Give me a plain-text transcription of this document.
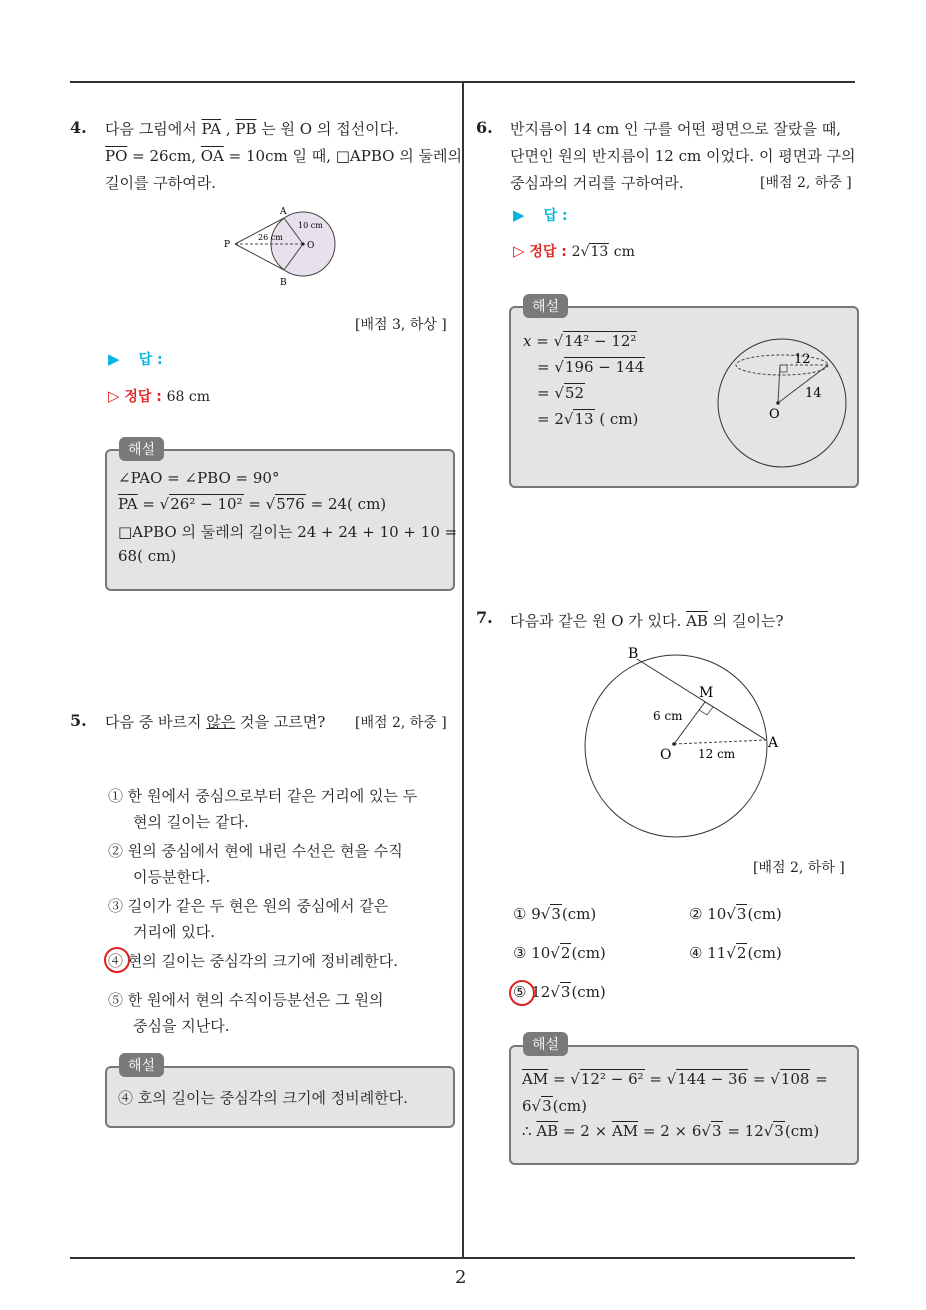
2
4. 다음 그림에서 $\overline{PA}$ , $\overline{PB}$ 는 원 O 의 접선이다.
$\overline{PO} = 26cm$, $\overline{OA} = 10cm$ 일 때, □APBO 의 둘레의
길이를 구하여라.
A
B
P	O
10 cm
26 cm
[배점 3, 하상 ]
▶ 답 :
▷ 정답 : 68 cm
해설
∠PAO = ∠PBO = 90°
$\overline{PA} = √26^2 - 10^2 = √576 = 24$( cm)
□APBO 의 둘레의 길이는 24 + 24 + 10 + 10 =
68( cm)
5. 다음 중 바르지 않은 것을 고르면? [배점 2, 하중 ]
① 한 원에서 중심으로부터 같은 거리에 있는 두
현의 길이는 같다.
② 원의 중심에서 현에 내린 수선은 현을 수직
이등분한다.
③ 길이가 같은 두 현은 원의 중심에서 같은
거리에 있다.
④ 현의 길이는 중심각의 크기에 정비례한다.
⑤ 한 원에서 현의 수직이등분선은 그 원의
중심을 지난다.
해설
④ 호의 길이는 중심각의 크기에 정비례한다.
6. 반지름이 14 cm 인 구를 어떤 평면으로 잘랐을 때,
단면인 원의 반지름이 12 cm 이었다. 이 평면과 구의
중심과의 거리를 구하여라.	[배점 2, 하중 ]
▶ 답 :
▷ 정답 : 2√13 cm
해설
x = √14² − 12²
= √196 − 144
= √52
= 2√13 ( cm)
12
14
O
7. 다음과 같은 원 O 가 있다. $\overline{AB}$ 의 길이는?
B
A
M
O
6 cm
12 cm
[배점 2, 하하 ]
① 9√3(cm)	② 10√3(cm)
③ 10√2(cm)	④ 11√2(cm)
⑤ 12√3(cm)
해설
$\overline{AM} = √12^2 - 6^2 = √144 - 36 = √108$ =
6√3(cm)
∴ $\overline{AB} = 2 \times \overline{AM} = 2 \times 6√3 = 12√3(cm)$
